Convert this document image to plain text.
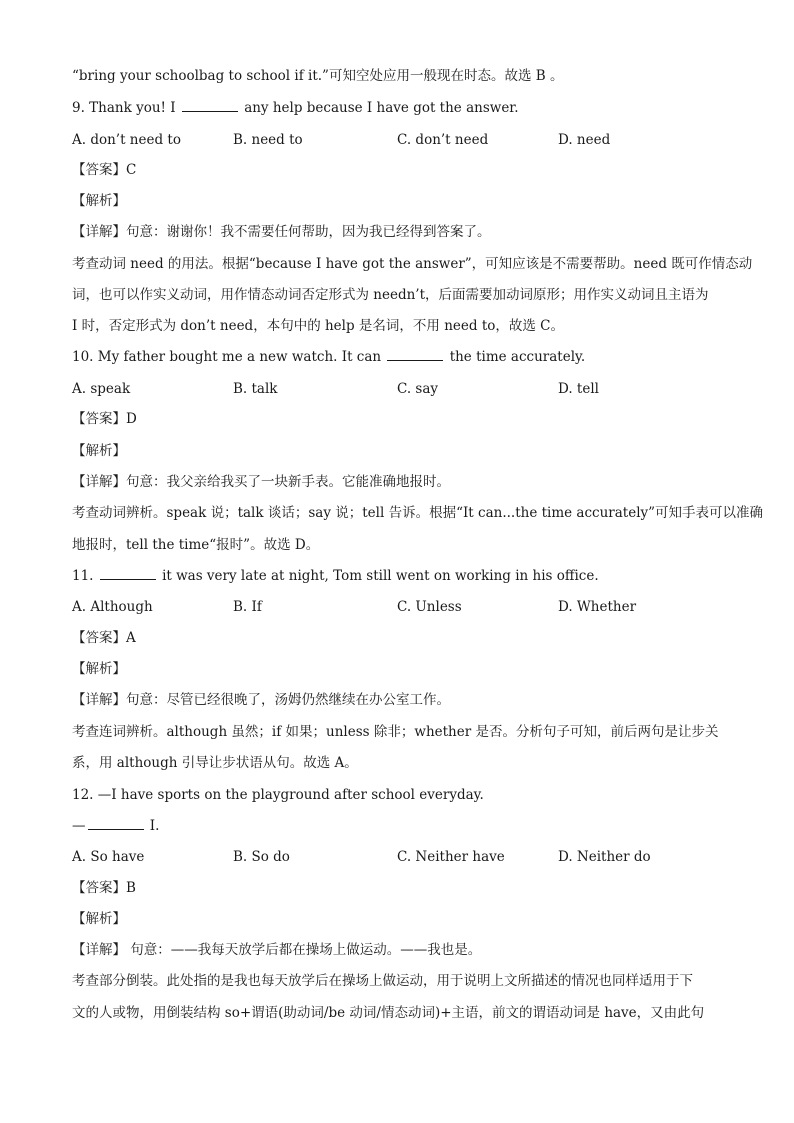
“bring your schoolbag to school if it.”可知空处应用一般现在时态。故选 B 。
9. Thank you! I	any help because I have got the answer.
A. don’t need to	B. need to	C. don’t need	D. need
【答案】C
【解析】
【详解】句意：谢谢你！我不需要任何帮助，因为我已经得到答案了。
考查动词 need 的用法。根据“because I have got the answer”，可知应该是不需要帮助。need 既可作情态动
词，也可以作实义动词，用作情态动词否定形式为 needn’t，后面需要加动词原形；用作实义动词且主语为
I 时，否定形式为 don’t need，本句中的 help 是名词，不用 need to，故选 C。
10. My father bought me a new watch. It can	the time accurately.
A. speak	B. talk	C. say	D. tell
【答案】D
【解析】
【详解】句意：我父亲给我买了一块新手表。它能准确地报时。
考查动词辨析。speak 说；talk 谈话；say 说；tell 告诉。根据“It can...the time accurately”可知手表可以准确
地报时，tell the time“报时”。故选 D。
11.	it was very late at night, Tom still went on working in his office.
A. Although	B. If	C. Unless	D. Whether
【答案】A
【解析】
【详解】句意：尽管已经很晚了，汤姆仍然继续在办公室工作。
考查连词辨析。although 虽然；if 如果；unless 除非；whether 是否。分析句子可知，前后两句是让步关
系，用 although 引导让步状语从句。故选 A。
12. —I have sports on the playground after school everyday.
—	I.
A. So have	B. So do	C. Neither have	D. Neither do
【答案】B
【解析】
【详解】 句意：——我每天放学后都在操场上做运动。——我也是。
考查部分倒装。此处指的是我也每天放学后在操场上做运动，用于说明上文所描述的情况也同样适用于下
文的人或物，用倒装结构 so+谓语(助动词/be 动词/情态动词)+主语，前文的谓语动词是 have，又由此句
